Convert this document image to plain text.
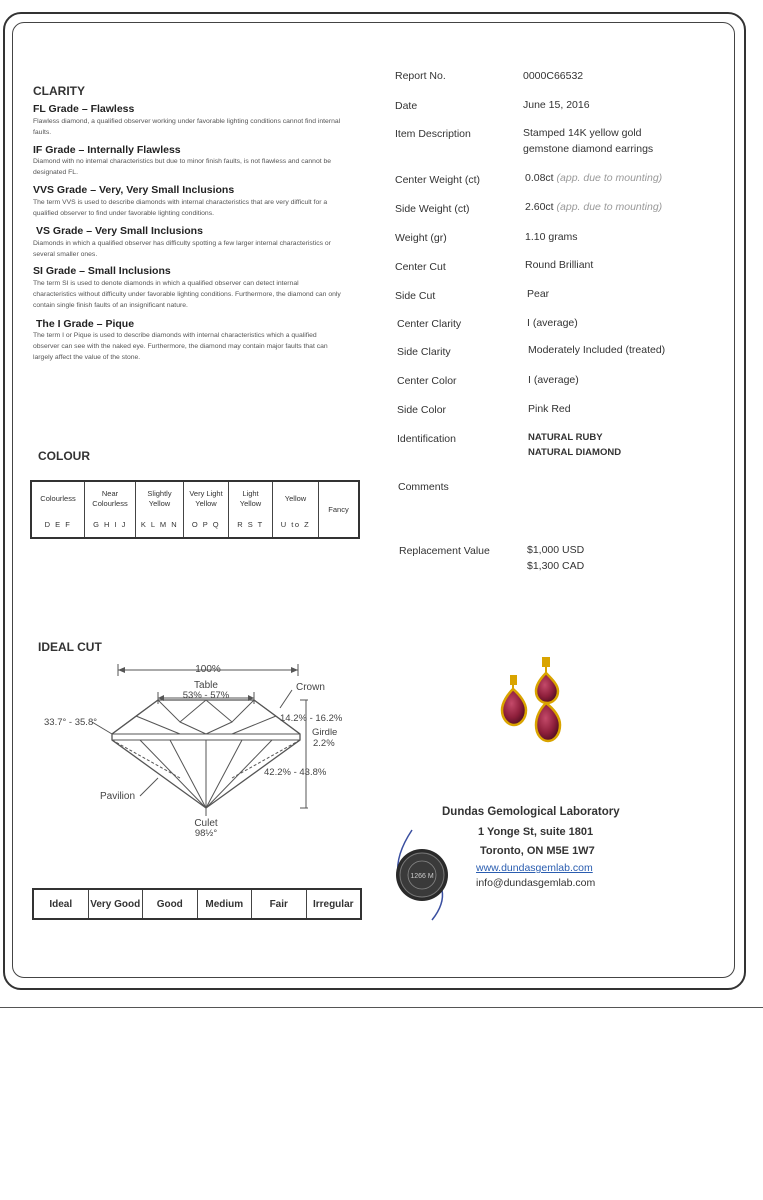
CLARITY
FL Grade – Flawless
Flawless diamond, a qualified observer working under favorable lighting conditions cannot find internal faults.
IF Grade – Internally Flawless
Diamond with no internal characteristics but due to minor finish faults, is not flawless and cannot be designated FL.
VVS Grade – Very, Very Small Inclusions
The term VVS is used to describe diamonds with internal characteristics that are very difficult for a qualified observer to find under favorable lighting conditions.
VS Grade – Very Small Inclusions
Diamonds in which a qualified observer has difficulty spotting a few larger internal characteristics or several smaller ones.
SI Grade – Small Inclusions
The term SI is used to denote diamonds in which a qualified observer can detect internal characteristics without difficulty under favorable lighting conditions. Furthermore, the diamond can only contain single finish faults of an insignificant nature.
The I Grade – Pique
The term I or Pique is used to describe diamonds with internal characteristics which a qualified observer can see with the naked eye. Furthermore, the diamond may contain major faults that can largely affect the value of the stone.
COLOUR
Colourless
D E F
Near Colourless
G H I J
Slightly Yellow
K L M N
Very Light Yellow
O P Q
Light Yellow
R S T
Yellow
U to Z
Fancy
IDEAL CUT
100%
Table
53% - 57%
Crown
33.7° - 35.8°	14.2% - 16.2%
Girdle
2.2%
42.2% - 43.8%
Pavilion
Culet
98½°
Ideal	Very Good	Good	Medium	Fair	Irregular
Report No.	0000C66532
Date	June 15, 2016
Item Description	Stamped 14K yellow gold
gemstone diamond earrings
Center Weight (ct)	0.08ct (app. due to mounting)
Side Weight (ct)	2.60ct (app. due to mounting)
Weight (gr)	1.10 grams
Center Cut	Round Brilliant
Side Cut	Pear
Center Clarity	I (average)
Side Clarity	Moderately Included (treated)
Center Color	I (average)
Side Color	Pink Red
Identification	NATURAL RUBY
NATURAL DIAMOND
Comments
Replacement Value	$1,000 USD
$1,300 CAD
Dundas Gemological Laboratory
1 Yonge St, suite 1801
Toronto, ON M5E 1W7
www.dundasgemlab.com
info@dundasgemlab.com
1266 M
